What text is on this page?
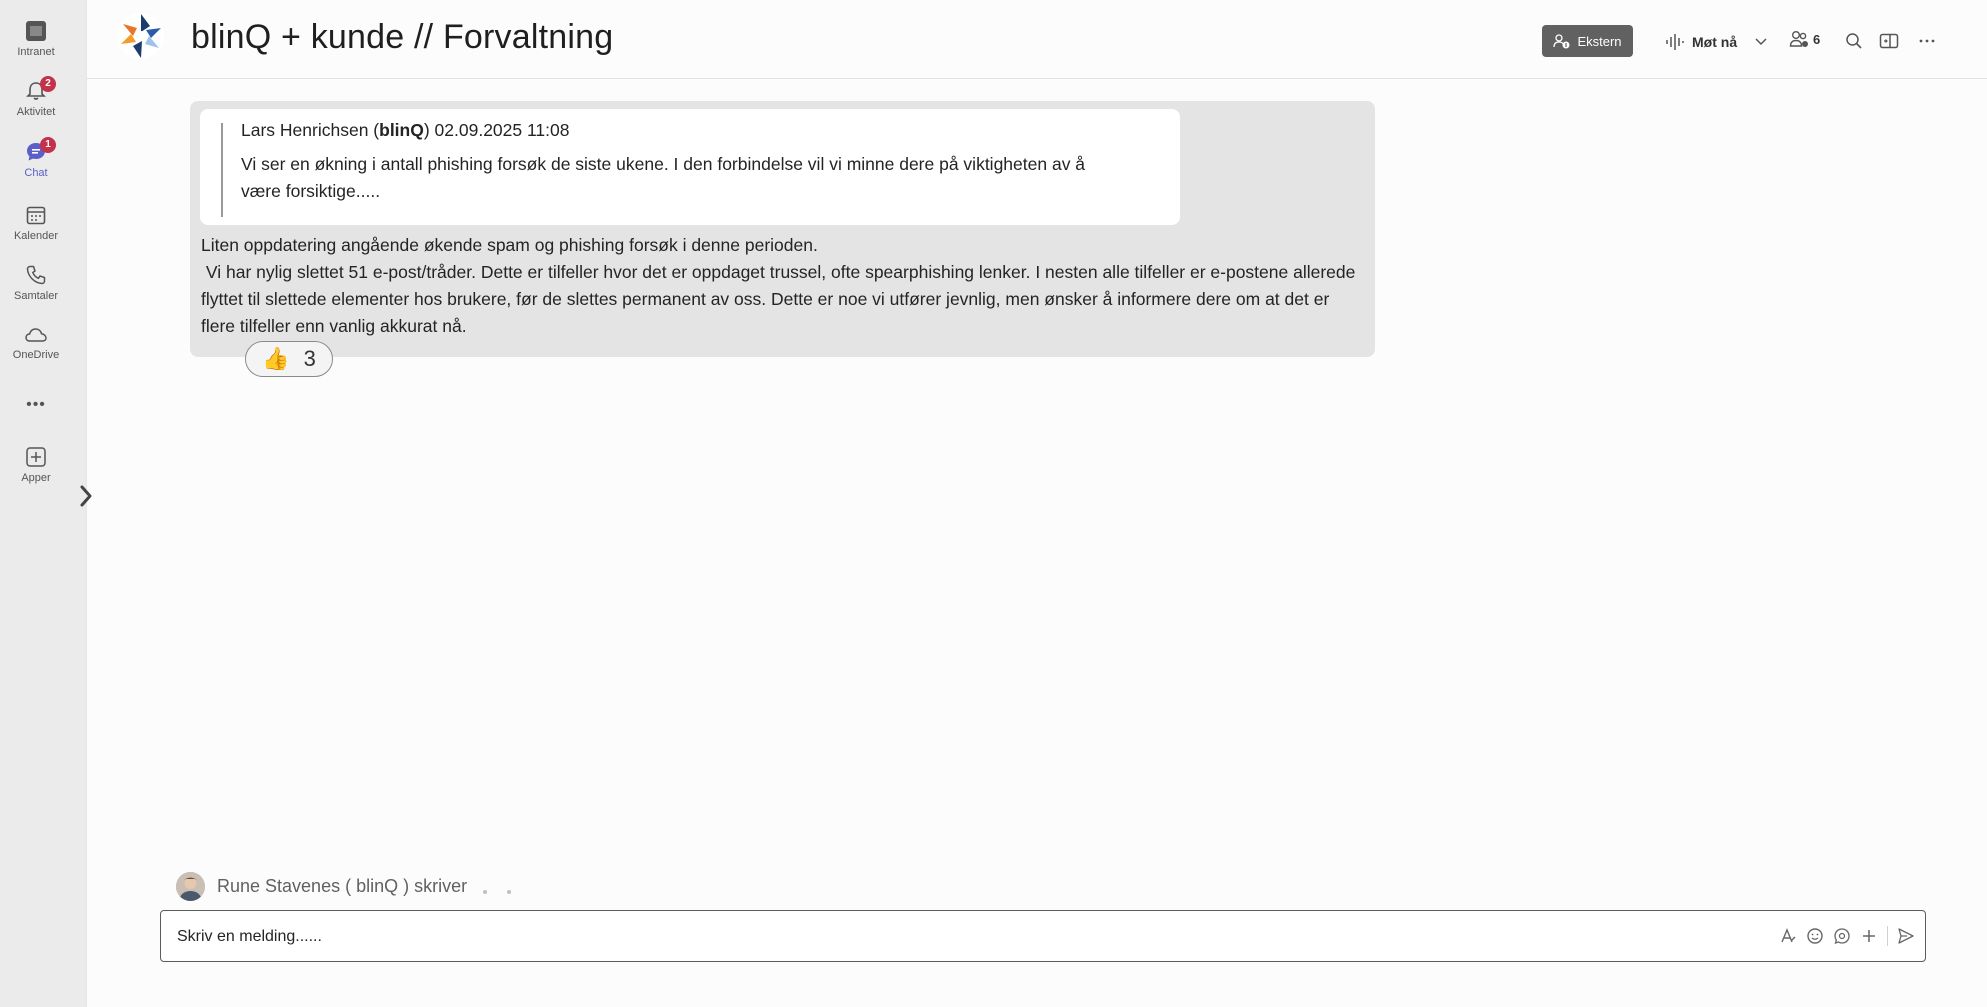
Intranet
2
Aktivitet
1
Chat
Kalender
Samtaler
OneDrive
•••
Apper
blinQ + kunde // Forvaltning	Ekstern	Møt nå	6
Lars Henrichsen (blinQ) 02.09.2025 11:08
Vi ser en økning i antall phishing forsøk de siste ukene. I den forbindelse vil vi minne dere på viktigheten av å være forsiktige.....
Liten oppdatering angående økende spam og phishing forsøk i denne perioden.
Vi har nylig slettet 51 e-post/tråder. Dette er tilfeller hvor det er oppdaget trussel, ofte spearphishing lenker. I nesten alle tilfeller er e-postene allerede flyttet til slettede elementer hos brukere, før de slettes permanent av oss. Dette er noe vi utfører jevnlig, men ønsker å informere dere om at det er flere tilfeller enn vanlig akkurat nå.
👍 3
Rune Stavenes ( blinQ ) skriver
Skriv en melding......
